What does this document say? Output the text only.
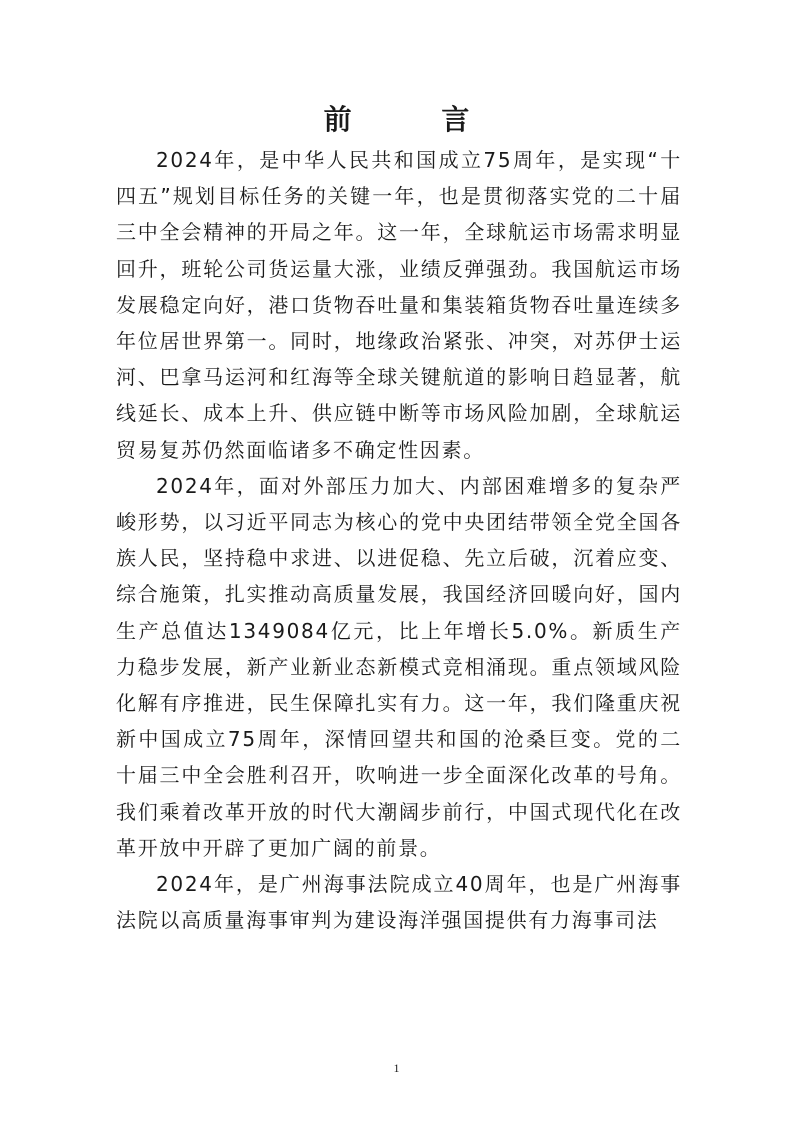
前 言

2024年，是中华人民共和国成立75周年，是实现“十四五”规划目标任务的关键一年，也是贯彻落实党的二十届三中全会精神的开局之年。这一年，全球航运市场需求明显回升，班轮公司货运量大涨，业绩反弹强劲。我国航运市场发展稳定向好，港口货物吞吐量和集装箱货物吞吐量连续多年位居世界第一。同时，地缘政治紧张、冲突，对苏伊士运河、巴拿马运河和红海等全球关键航道的影响日趋显著，航线延长、成本上升、供应链中断等市场风险加剧，全球航运贸易复苏仍然面临诸多不确定性因素。

2024年，面对外部压力加大、内部困难增多的复杂严峻形势，以习近平同志为核心的党中央团结带领全党全国各族人民，坚持稳中求进、以进促稳、先立后破，沉着应变、综合施策，扎实推动高质量发展，我国经济回暖向好，国内生产总值达1349084亿元，比上年增长5.0%。新质生产力稳步发展，新产业新业态新模式竞相涌现。重点领域风险化解有序推进，民生保障扎实有力。这一年，我们隆重庆祝新中国成立75周年，深情回望共和国的沧桑巨变。党的二十届三中全会胜利召开，吹响进一步全面深化改革的号角。我们乘着改革开放的时代大潮阔步前行，中国式现代化在改革开放中开辟了更加广阔的前景。

2024年，是广州海事法院成立40周年，也是广州海事法院以高质量海事审判为建设海洋强国提供有力海事司法

1
